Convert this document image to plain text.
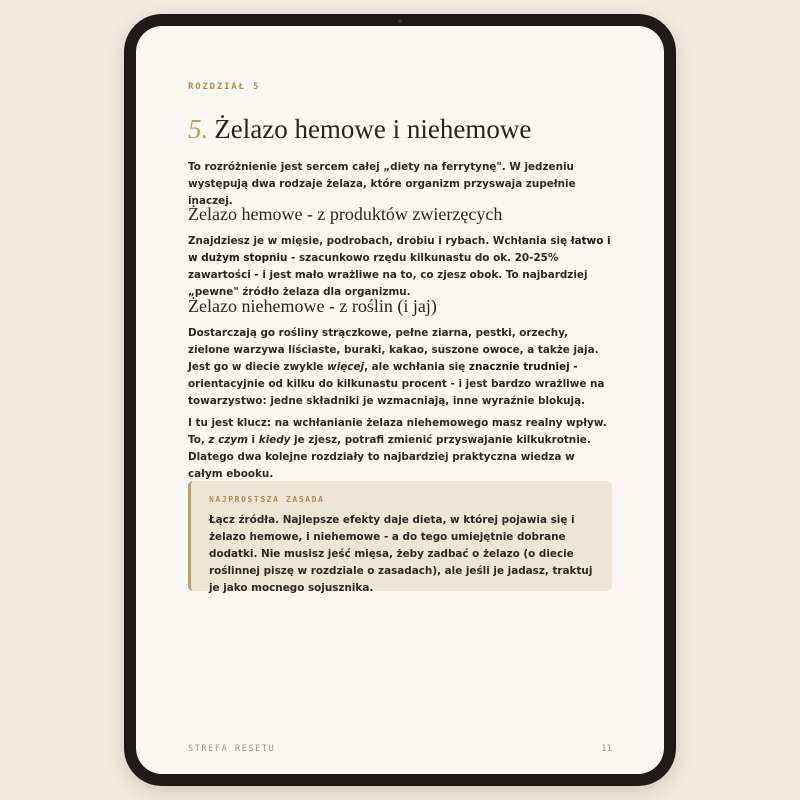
ROZDZIAŁ 5
5. Żelazo hemowe i niehemowe

To rozróżnienie jest sercem całej „diety na ferrytynę". W jedzeniu występują dwa rodzaje żelaza, które organizm przyswaja zupełnie inaczej.

Żelazo hemowe - z produktów zwierzęcych

Znajdziesz je w mięsie, podrobach, drobiu i rybach. Wchłania się łatwo i w dużym stopniu - szacunkowo rzędu kilkunastu do ok. 20-25% zawartości - i jest mało wrażliwe na to, co zjesz obok. To najbardziej „pewne" źródło żelaza dla organizmu.

Żelazo niehemowe - z roślin (i jaj)

Dostarczają go rośliny strączkowe, pełne ziarna, pestki, orzechy, zielone warzywa liściaste, buraki, kakao, suszone owoce, a także jaja. Jest go w diecie zwykle więcej, ale wchłania się znacznie trudniej - orientacyjnie od kilku do kilkunastu procent - i jest bardzo wrażliwe na towarzystwo: jedne składniki je wzmacniają, inne wyraźnie blokują.

I tu jest klucz: na wchłanianie żelaza niehemowego masz realny wpływ. To, z czym i kiedy je zjesz, potrafi zmienić przyswajanie kilkukrotnie. Dlatego dwa kolejne rozdziały to najbardziej praktyczna wiedza w całym ebooku.

NAJPROSTSZA ZASADA

Łącz źródła. Najlepsze efekty daje dieta, w której pojawia się i żelazo hemowe, i niehemowe - a do tego umiejętnie dobrane dodatki. Nie musisz jeść mięsa, żeby zadbać o żelazo (o diecie roślinnej piszę w rozdziale o zasadach), ale jeśli je jadasz, traktuj je jako mocnego sojusznika.

STREFA RESETU	11
